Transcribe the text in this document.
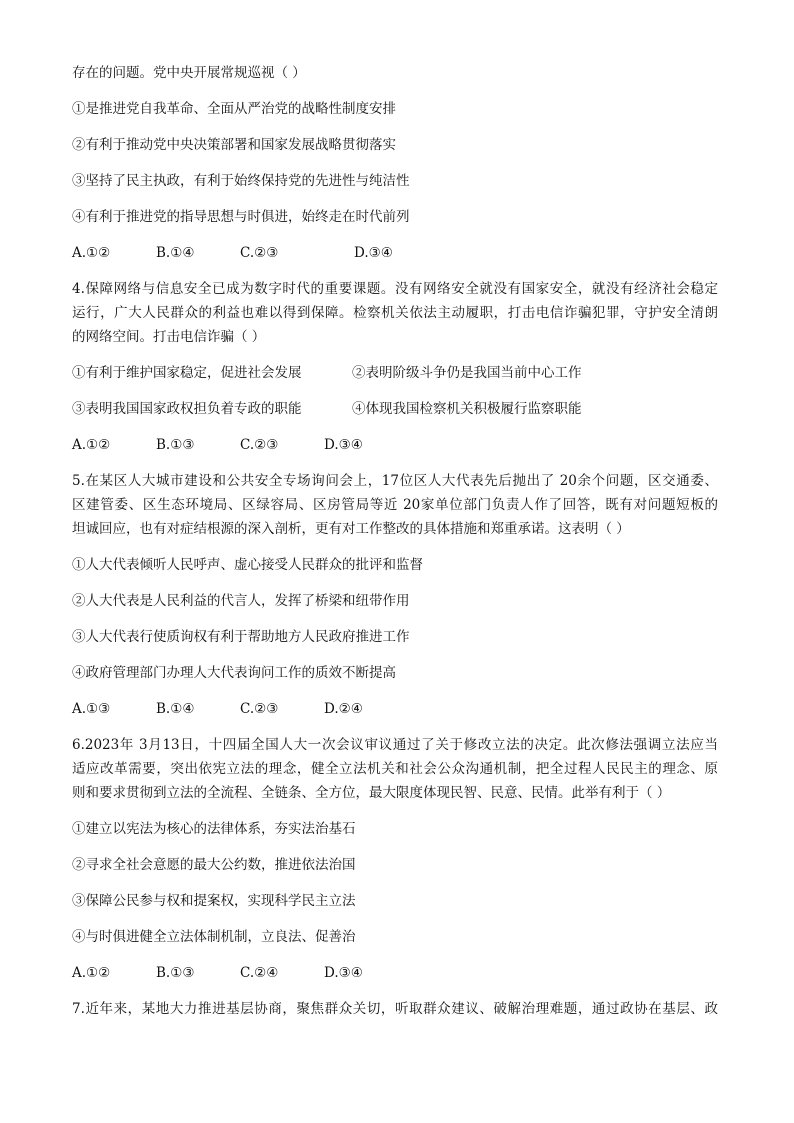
存在的问题。党中央开展常规巡视（ ）
①是推进党自我革命、全面从严治党的战略性制度安排
②有利于推动党中央决策部署和国家发展战略贯彻落实
③坚持了民主执政，有利于始终保持党的先进性与纯洁性
④有利于推进党的指导思想与时俱进，始终走在时代前列
A.①②	B.①④	C.②③	D.③④
4.保障网络与信息安全已成为数字时代的重要课题。没有网络安全就没有国家安全，就没有经济社会稳定
运行，广大人民群众的利益也难以得到保障。检察机关依法主动履职，打击电信诈骗犯罪，守护安全清朗
的网络空间。打击电信诈骗（ ）
①有利于维护国家稳定，促进社会发展	②表明阶级斗争仍是我国当前中心工作
③表明我国国家政权担负着专政的职能	④体现我国检察机关积极履行监察职能
A.①②	B.①③	C.②③	D.③④
5.在某区人大城市建设和公共安全专场询问会上，17位区人大代表先后抛出了 20余个问题，区交通委、
区建管委、区生态环境局、区绿容局、区房管局等近 20家单位部门负责人作了回答，既有对问题短板的
坦诚回应，也有对症结根源的深入剖析，更有对工作整改的具体措施和郑重承诺。这表明（ ）
①人大代表倾听人民呼声、虚心接受人民群众的批评和监督
②人大代表是人民利益的代言人，发挥了桥梁和纽带作用
③人大代表行使质询权有利于帮助地方人民政府推进工作
④政府管理部门办理人大代表询问工作的质效不断提高
A.①③	B.①④	C.②③	D.②④
6.2023年 3月13日，十四届全国人大一次会议审议通过了关于修改立法的决定。此次修法强调立法应当
适应改革需要，突出依宪立法的理念，健全立法机关和社会公众沟通机制，把全过程人民民主的理念、原
则和要求贯彻到立法的全流程、全链条、全方位，最大限度体现民智、民意、民情。此举有利于（ ）
①建立以宪法为核心的法律体系，夯实法治基石
②寻求全社会意愿的最大公约数，推进依法治国
③保障公民参与权和提案权，实现科学民主立法
④与时俱进健全立法体制机制，立良法、促善治
A.①②	B.①③	C.②④	D.③④
7.近年来，某地大力推进基层协商，聚焦群众关切，听取群众建议、破解治理难题，通过政协在基层、政
